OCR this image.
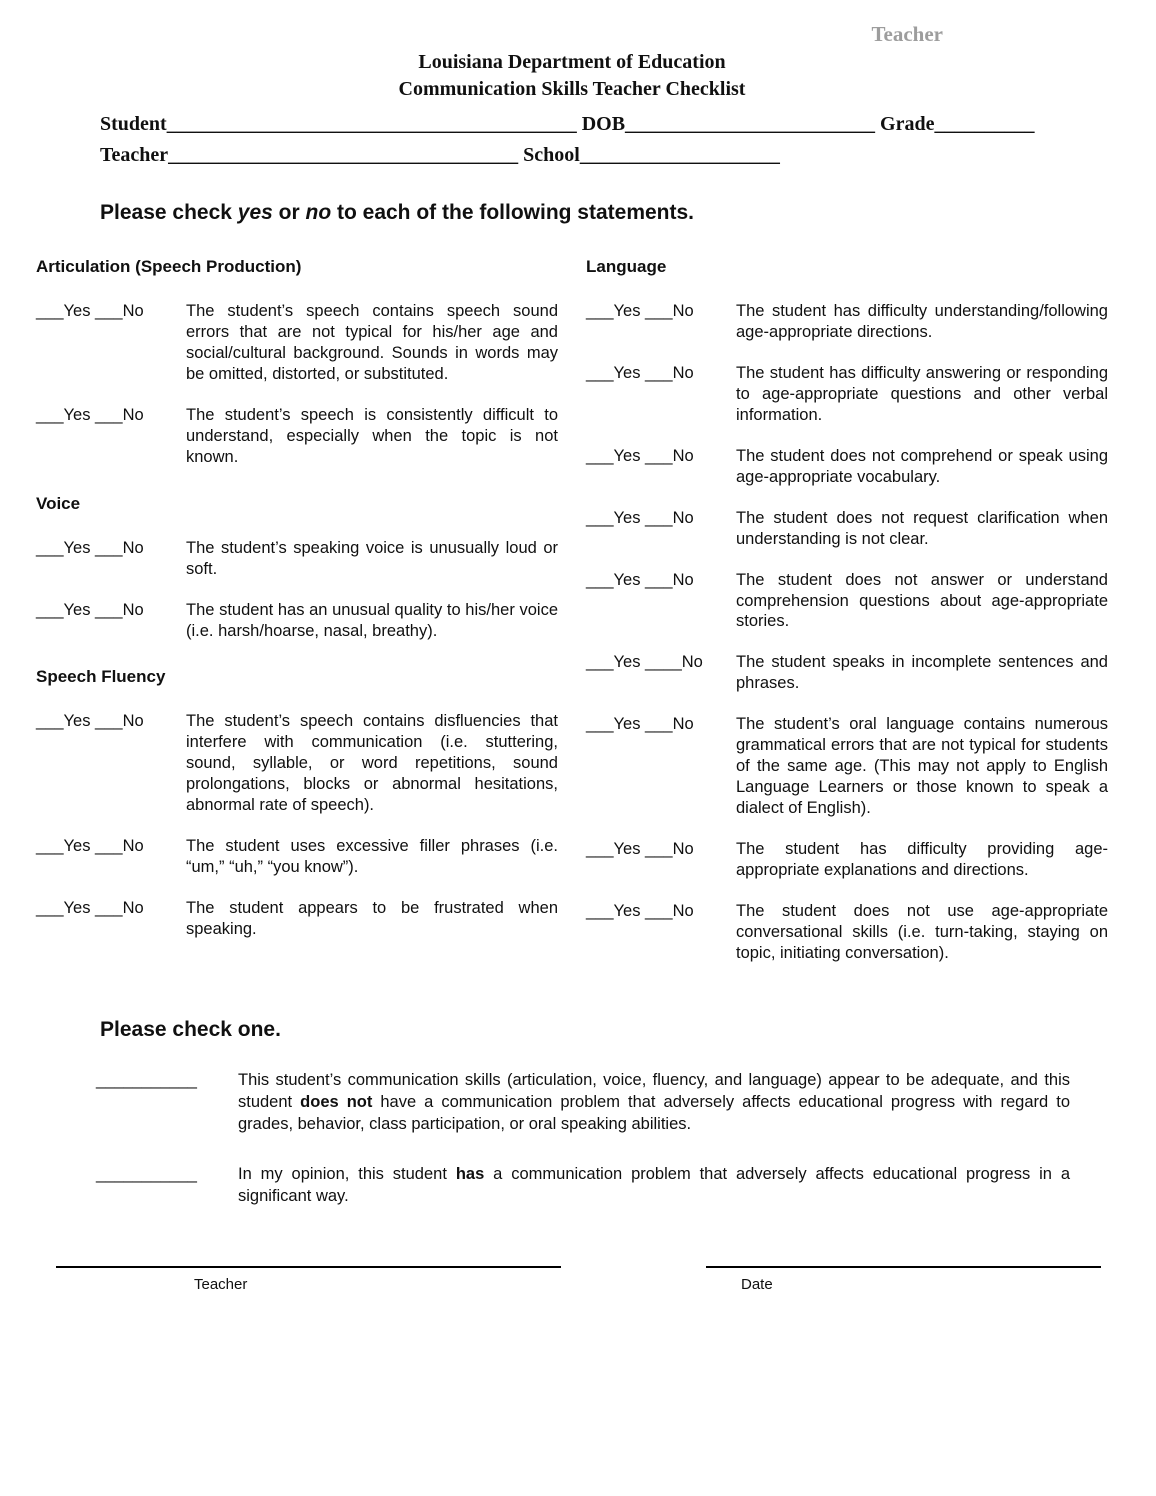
Teacher
Louisiana Department of Education
Communication Skills Teacher Checklist
Student_________________________________________ DOB_________________________ Grade__________
Teacher___________________________________ School____________________
Please check yes or no to each of the following statements.
Articulation (Speech Production)
___Yes ___No	The student’s speech contains speech sound errors that are not typical for his/her age and social/cultural background. Sounds in words may be omitted, distorted, or substituted.
___Yes ___No	The student’s speech is consistently difficult to understand, especially when the topic is not known.
Voice
___Yes ___No	The student’s speaking voice is unusually loud or soft.
___Yes ___No	The student has an unusual quality to his/her voice (i.e. harsh/hoarse, nasal, breathy).
Speech Fluency
___Yes ___No	The student’s speech contains disfluencies that interfere with communication (i.e. stuttering, sound, syllable, or word repetitions, sound prolongations, blocks or abnormal hesitations, abnormal rate of speech).
___Yes ___No	The student uses excessive filler phrases (i.e. “um,” “uh,” “you know”).
___Yes ___No	The student appears to be frustrated when speaking.
Language
___Yes ___No	The student has difficulty understanding/following age-appropriate directions.
___Yes ___No	The student has difficulty answering or responding to age-appropriate questions and other verbal information.
___Yes ___No	The student does not comprehend or speak using age-appropriate vocabulary.
___Yes ___No	The student does not request clarification when understanding is not clear.
___Yes ___No	The student does not answer or understand comprehension questions about age-appropriate stories.
___Yes ____No	The student speaks in incomplete sentences and phrases.
___Yes ___No	The student’s oral language contains numerous grammatical errors that are not typical for students of the same age. (This may not apply to English Language Learners or those known to speak a dialect of English).
___Yes ___No	The student has difficulty providing age-appropriate explanations and directions.
___Yes ___No	The student does not use age-appropriate conversational skills (i.e. turn-taking, staying on topic, initiating conversation).
Please check one.
___________	This student’s communication skills (articulation, voice, fluency, and language) appear to be adequate, and this student does not have a communication problem that adversely affects educational progress with regard to grades, behavior, class participation, or oral speaking abilities.
___________	In my opinion, this student has a communication problem that adversely affects educational progress in a significant way.
Teacher	Date
